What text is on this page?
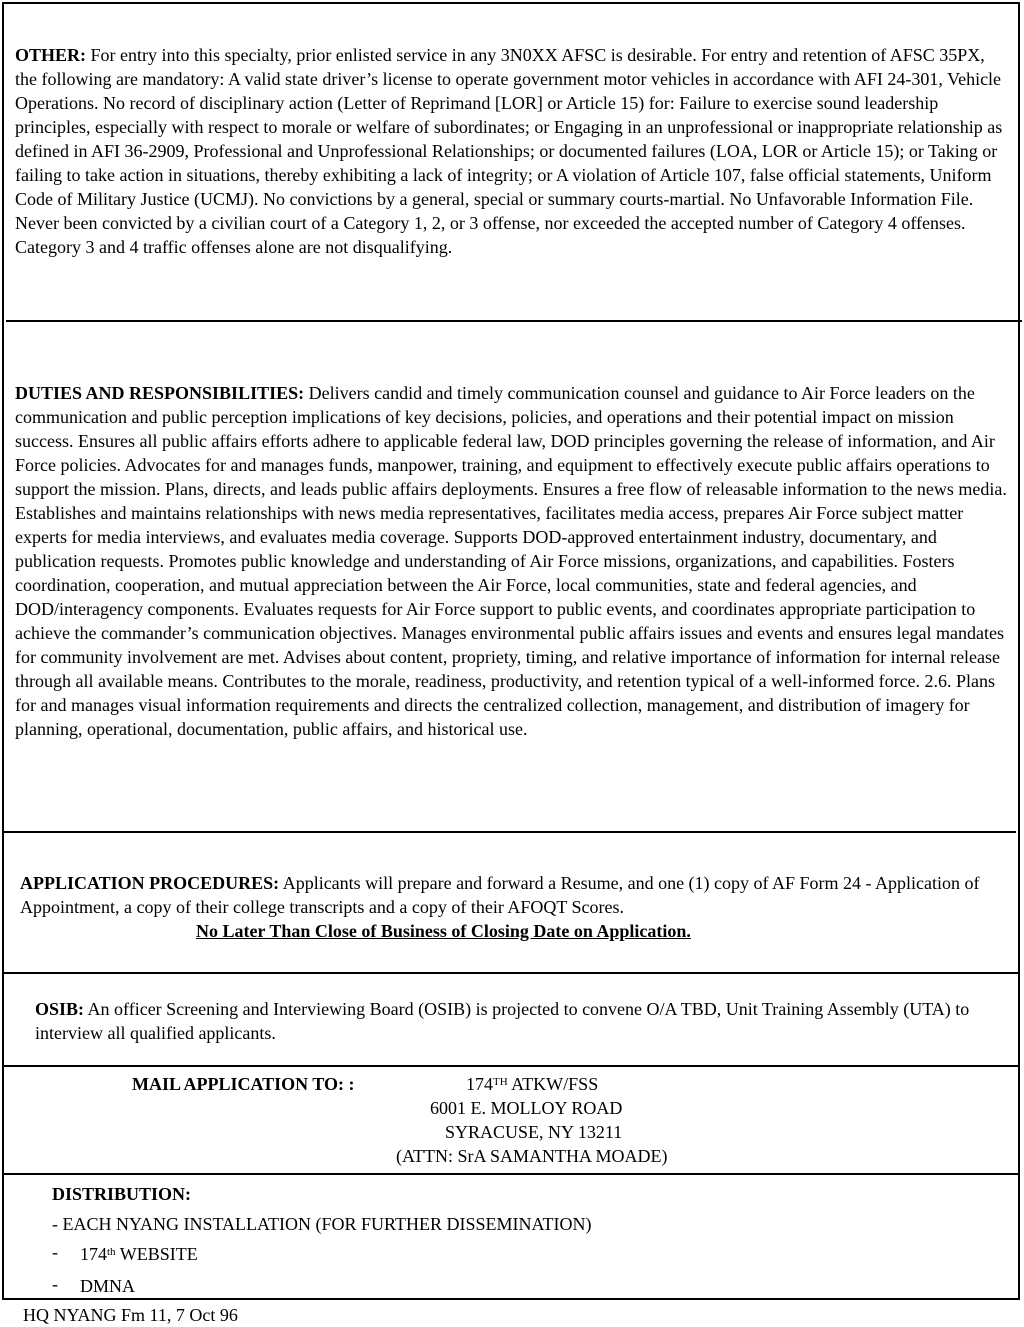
OTHER: For entry into this specialty, prior enlisted service in any 3N0XX AFSC is desirable. For entry and retention of AFSC 35PX, the following are mandatory: A valid state driver’s license to operate government motor vehicles in accordance with AFI 24-301, Vehicle Operations. No record of disciplinary action (Letter of Reprimand [LOR] or Article 15) for: Failure to exercise sound leadership principles, especially with respect to morale or welfare of subordinates; or Engaging in an unprofessional or inappropriate relationship as defined in AFI 36-2909, Professional and Unprofessional Relationships; or documented failures (LOA, LOR or Article 15); or Taking or failing to take action in situations, thereby exhibiting a lack of integrity; or A violation of Article 107, false official statements, Uniform Code of Military Justice (UCMJ). No convictions by a general, special or summary courts-martial. No Unfavorable Information File. Never been convicted by a civilian court of a Category 1, 2, or 3 offense, nor exceeded the accepted number of Category 4 offenses. Category 3 and 4 traffic offenses alone are not disqualifying.

DUTIES AND RESPONSIBILITIES: Delivers candid and timely communication counsel and guidance to Air Force leaders on the communication and public perception implications of key decisions, policies, and operations and their potential impact on mission success. Ensures all public affairs efforts adhere to applicable federal law, DOD principles governing the release of information, and Air Force policies. Advocates for and manages funds, manpower, training, and equipment to effectively execute public affairs operations to support the mission. Plans, directs, and leads public affairs deployments. Ensures a free flow of releasable information to the news media. Establishes and maintains relationships with news media representatives, facilitates media access, prepares Air Force subject matter experts for media interviews, and evaluates media coverage. Supports DOD-approved entertainment industry, documentary, and publication requests. Promotes public knowledge and understanding of Air Force missions, organizations, and capabilities. Fosters coordination, cooperation, and mutual appreciation between the Air Force, local communities, state and federal agencies, and DOD/interagency components. Evaluates requests for Air Force support to public events, and coordinates appropriate participation to achieve the commander’s communication objectives. Manages environmental public affairs issues and events and ensures legal mandates for community involvement are met. Advises about content, propriety, timing, and relative importance of information for internal release through all available means. Contributes to the morale, readiness, productivity, and retention typical of a well-informed force. 2.6. Plans for and manages visual information requirements and directs the centralized collection, management, and distribution of imagery for planning, operational, documentation, public affairs, and historical use.

APPLICATION PROCEDURES: Applicants will prepare and forward a Resume, and one (1) copy of AF Form 24 - Application of Appointment, a copy of their college transcripts and a copy of their AFOQT Scores.

No Later Than Close of Business of Closing Date on Application.

OSIB: An officer Screening and Interviewing Board (OSIB) is projected to convene O/A TBD, Unit Training Assembly (UTA) to interview all qualified applicants.

MAIL APPLICATION TO: :	174TH ATKW/FSS
6001 E. MOLLOY ROAD
SYRACUSE, NY 13211
(ATTN: SrA SAMANTHA MOADE)
DISTRIBUTION:
- EACH NYANG INSTALLATION (FOR FURTHER DISSEMINATION)
- 174th WEBSITE
- DMNA
HQ NYANG Fm 11, 7 Oct 96
